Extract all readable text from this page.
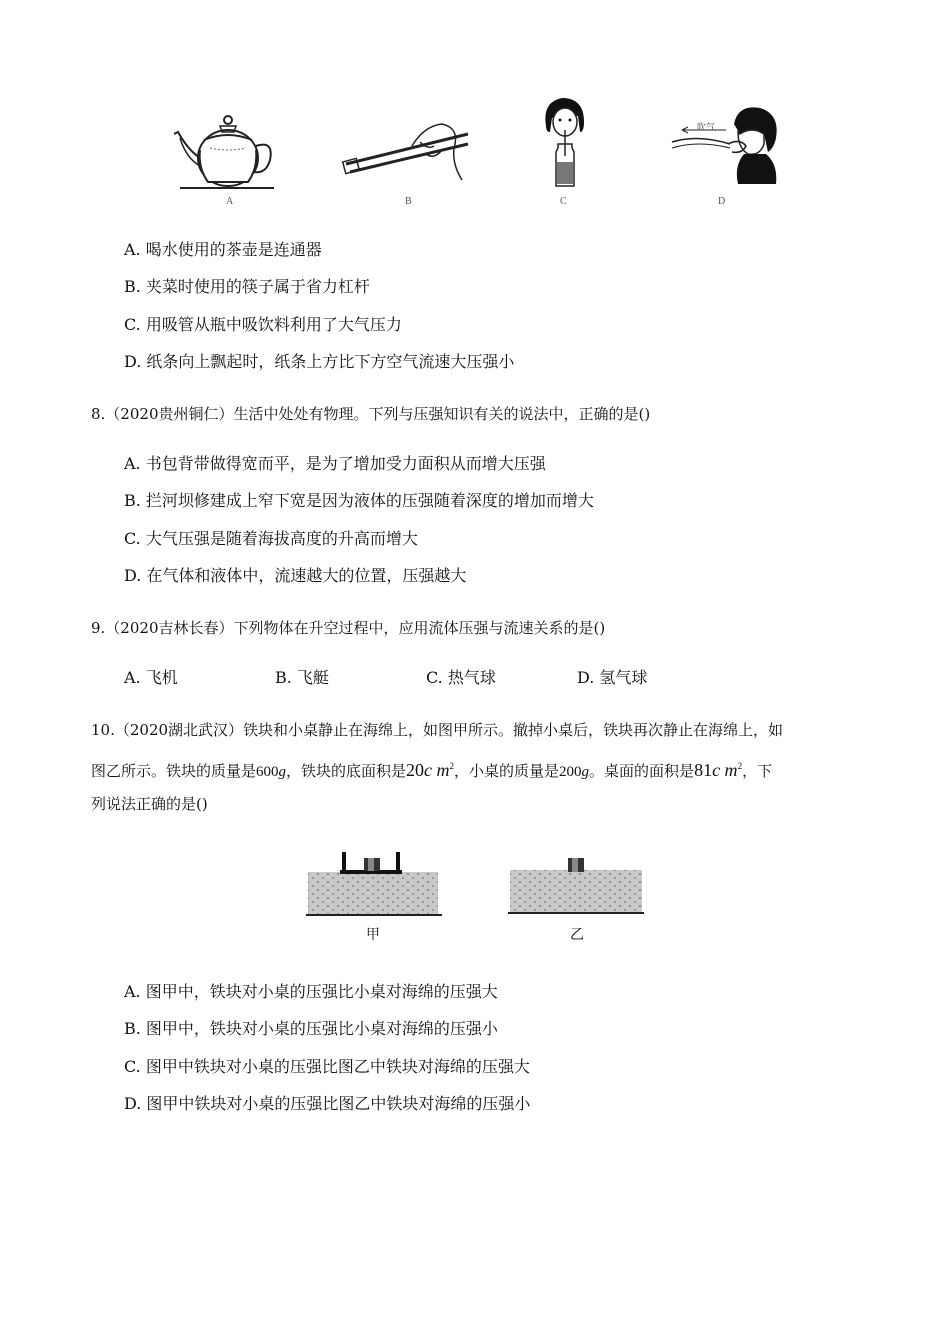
A	B	C
吹气
D
A. 喝水使用的茶壶是连通器
B. 夹菜时使用的筷子属于省力杠杆
C. 用吸管从瓶中吸饮料利用了大气压力
D. 纸条向上飘起时，纸条上方比下方空气流速大压强小
8.（2020贵州铜仁）生活中处处有物理。下列与压强知识有关的说法中，正确的是()
A. 书包背带做得宽而平，是为了增加受力面积从而增大压强
B. 拦河坝修建成上窄下宽是因为液体的压强随着深度的增加而增大
C. 大气压强是随着海拔高度的升高而增大
D. 在气体和液体中，流速越大的位置，压强越大
9.（2020吉林长春）下列物体在升空过程中，应用流体压强与流速关系的是()
A. 飞机	B. 飞艇	C. 热气球	D. 氢气球
10.（2020湖北武汉）铁块和小桌静止在海绵上，如图甲所示。撤掉小桌后，铁块再次静止在海绵上，如
图乙所示。铁块的质量是600g，铁块的底面积是20c $m^2$，小桌的质量是200g。桌面的面积是81c $m^2$，下
列说法正确的是()
甲	乙
A. 图甲中，铁块对小桌的压强比小桌对海绵的压强大
B. 图甲中，铁块对小桌的压强比小桌对海绵的压强小
C. 图甲中铁块对小桌的压强比图乙中铁块对海绵的压强大
D. 图甲中铁块对小桌的压强比图乙中铁块对海绵的压强小
